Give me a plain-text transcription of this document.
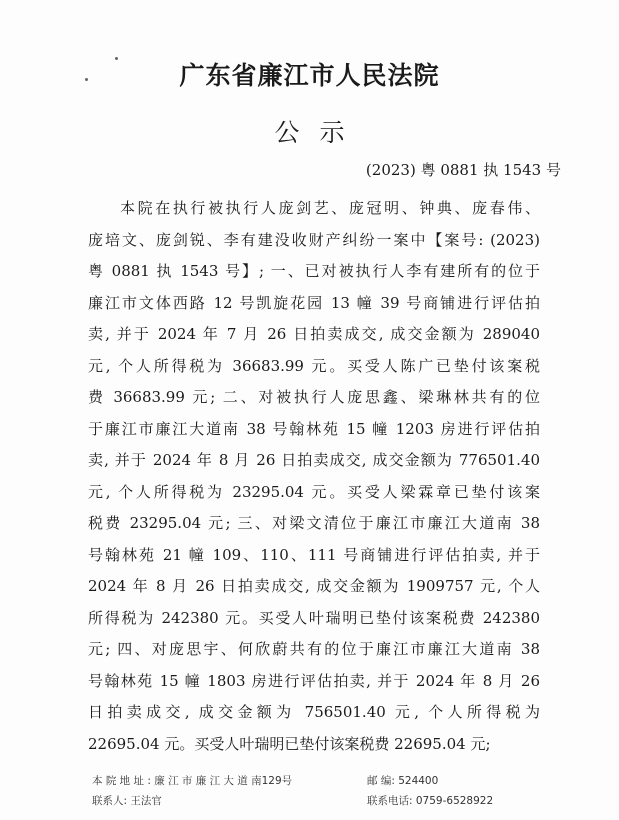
广东省廉江市人民法院
公示
(2023) 粤 0881 执 1543 号
本院在执行被执行人庞剑艺、庞冠明、钟典、庞春伟、
庞培文、庞剑锐、李有建没收财产纠纷一案中【案号: (2023)
粤 0881 执 1543 号】; 一、已对被执行人李有建所有的位于
廉江市文体西路 12 号凯旋花园 13 幢 39 号商铺进行评估拍
卖, 并于 2024 年 7 月 26 日拍卖成交, 成交金额为 289040
元, 个人所得税为 36683.99 元。买受人陈广已垫付该案税
费 36683.99 元; 二、对被执行人庞思鑫、梁琳林共有的位
于廉江市廉江大道南 38 号翰林苑 15 幢 1203 房进行评估拍
卖, 并于 2024 年 8 月 26 日拍卖成交, 成交金额为 776501.40
元, 个人所得税为 23295.04 元。买受人梁霖章已垫付该案
税费 23295.04 元; 三、对梁文清位于廉江市廉江大道南 38
号翰林苑 21 幢 109、110、111 号商铺进行评估拍卖, 并于
2024 年 8 月 26 日拍卖成交, 成交金额为 1909757 元, 个人
所得税为 242380 元。买受人叶瑞明已垫付该案税费 242380
元; 四、对庞思宇、何欣蔚共有的位于廉江市廉江大道南 38
号翰林苑 15 幢 1803 房进行评估拍卖, 并于 2024 年 8 月 26
日拍卖成交, 成交金额为 756501.40 元, 个人所得税为
22695.04 元。买受人叶瑞明已垫付该案税费 22695.04 元;
本 院 地 址 : 廉 江 市 廉 江 大 道 南129号	邮 编: 524400
联系人: 王法官	联系电话: 0759-6528922
